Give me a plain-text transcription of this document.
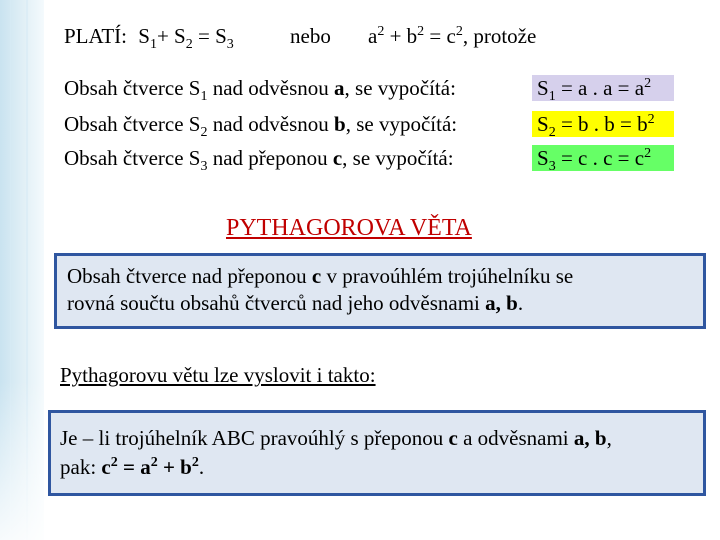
PLATÍ: $S_1+ S_2 = S_3$	nebo $a^2 + b^2 = c^2$, protože
Obsah čtverce $S_1$ nad odvěsnou a, se vypočítá:	$S_1 = a$ . $a = a^2$
Obsah čtverce $S_2$ nad odvěsnou b, se vypočítá:	$S_2 = b$ . $b = b^2$
Obsah čtverce $S_3$ nad přeponou c, se vypočítá:	$S_3 = c$ . $c = c^2$
PYTHAGOROVA VĚTA
Obsah čtverce nad přeponou c v pravoúhlém trojúhelníku se
rovná součtu obsahů čtverců nad jeho odvěsnami a, b.
Pythagorovu větu lze vyslovit i takto:
Je – li trojúhelník ABC pravoúhlý s přeponou c a odvěsnami a, b,
pak: $c^2 = a^2 + b^2$.
